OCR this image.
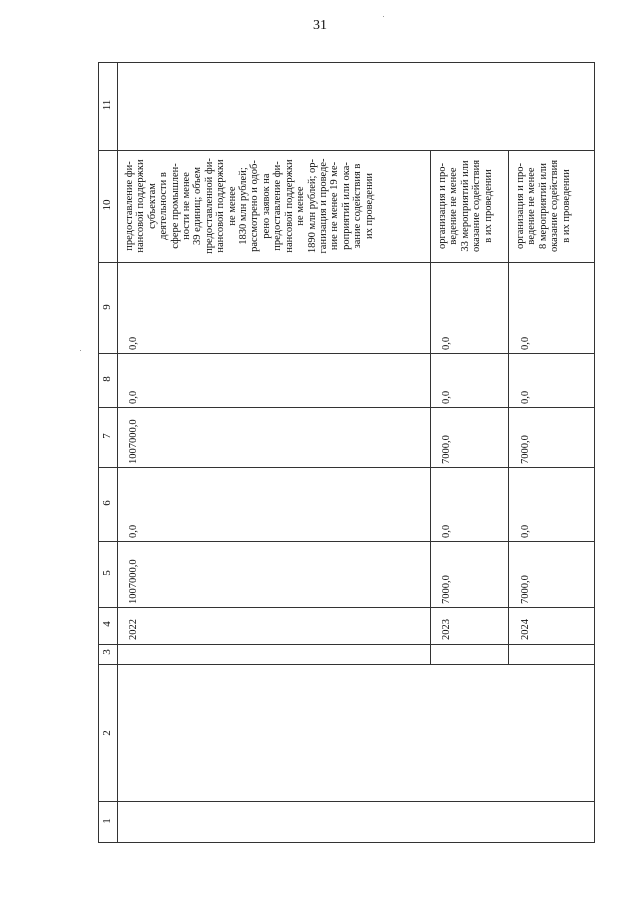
31
11
10
9
8
7
6
5
4
3
2
1
2022
1007000,0
0,0
1007000,0
0,0
0,0
предоставление фи- нансовой поддержки субъектам деятельности в сфере промышлен- ности не менее 39 единиц; объем предоставленной фи- нансовой поддержки не менее 1830 млн рублей; рассмотрено и одоб- рено заявок на предоставление фи- нансовой поддержки не менее 1890 млн рублей; ор- ганизация и проведе- ние не менее 19 ме- роприятий или ока- зание содействия в их проведении
2023
7000,0
0,0
7000,0
0,0
0,0
организация и про- ведение не менее 33 мероприятий или оказание содействия в их проведении
2024
7000,0
0,0
7000,0
0,0
0,0
организация и про- ведение не менее 8 мероприятий или оказание содействия в их проведении
